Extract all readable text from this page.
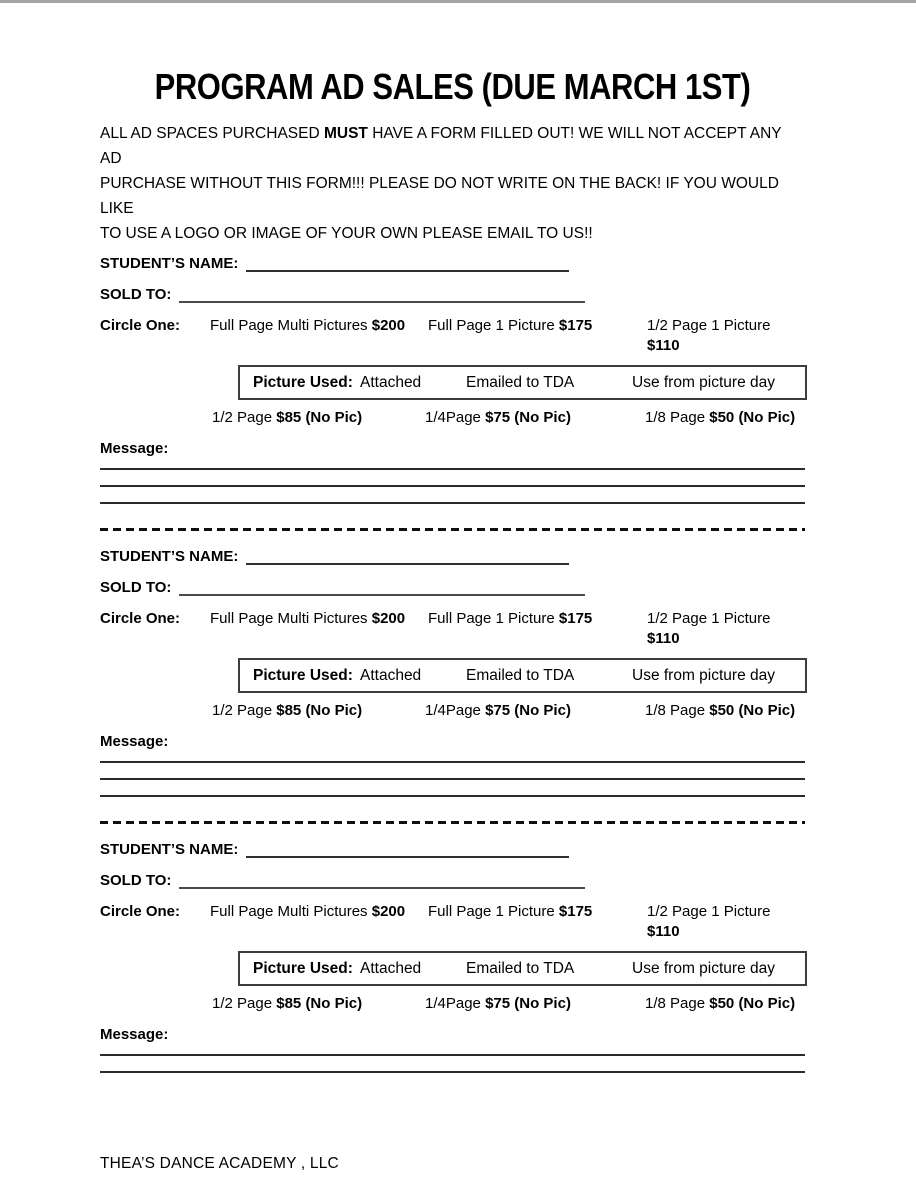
PROGRAM AD SALES (DUE MARCH 1ST)
ALL AD SPACES PURCHASED MUST HAVE A FORM FILLED OUT! WE WILL NOT ACCEPT ANY AD
PURCHASE WITHOUT THIS FORM!!! PLEASE DO NOT WRITE ON THE BACK! IF YOU WOULD LIKE
TO USE A LOGO OR IMAGE OF YOUR OWN PLEASE EMAIL TO US!!
STUDENT’S NAME:
SOLD TO:
Circle One:	Full Page Multi Pictures $200	Full Page 1 Picture $175	1/2 Page 1 Picture $110
Picture Used: Attached	Emailed to TDA	Use from picture day
1/2 Page $85 (No Pic)	1/4Page $75 (No Pic)	1/8 Page $50 (No Pic)
Message:
STUDENT’S NAME:
SOLD TO:
Circle One:	Full Page Multi Pictures $200	Full Page 1 Picture $175	1/2 Page 1 Picture $110
Picture Used: Attached	Emailed to TDA	Use from picture day
1/2 Page $85 (No Pic)	1/4Page $75 (No Pic)	1/8 Page $50 (No Pic)
Message:
STUDENT’S NAME:
SOLD TO:
Circle One:	Full Page Multi Pictures $200	Full Page 1 Picture $175	1/2 Page 1 Picture $110
Picture Used: Attached	Emailed to TDA	Use from picture day
1/2 Page $85 (No Pic)	1/4Page $75 (No Pic)	1/8 Page $50 (No Pic)
Message:
THEA’S DANCE ACADEMY , LLC
